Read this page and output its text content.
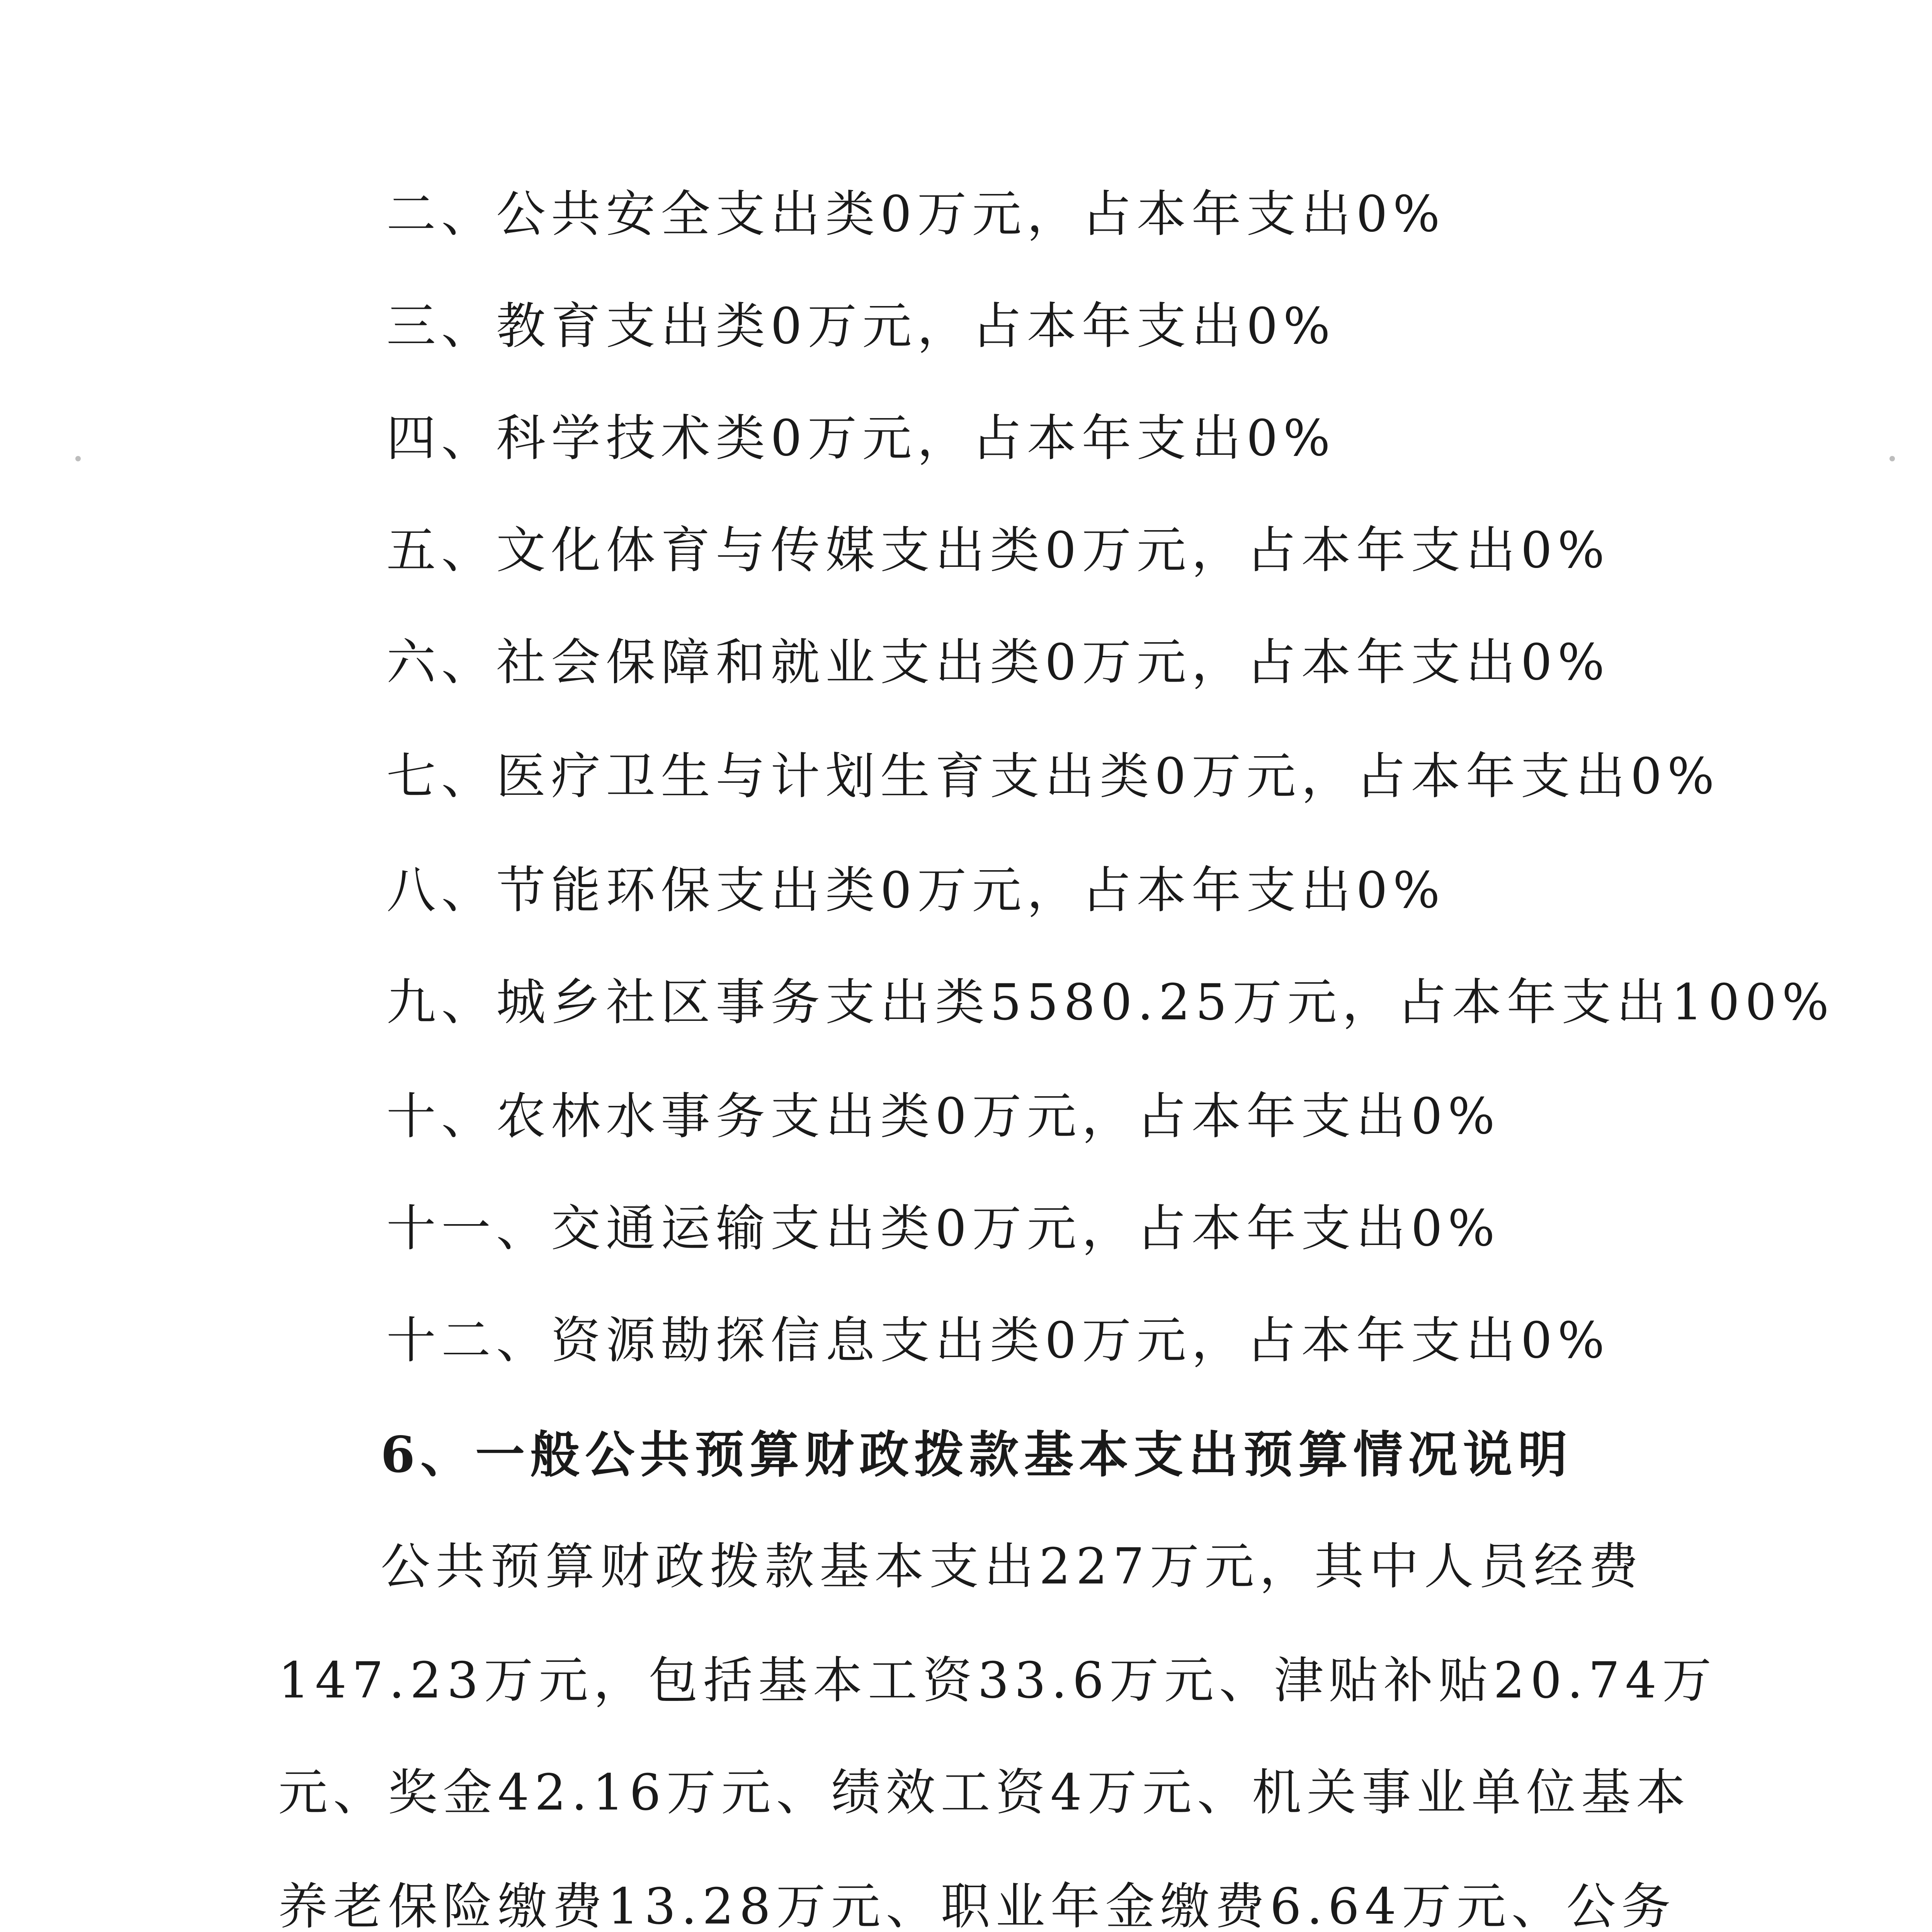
二、公共安全支出类0万元，占本年支出0%
三、教育支出类0万元，占本年支出0%
四、科学技术类0万元，占本年支出0%
五、文化体育与传媒支出类0万元，占本年支出0%
六、社会保障和就业支出类0万元，占本年支出0%
七、医疗卫生与计划生育支出类0万元，占本年支出0%
八、节能环保支出类0万元，占本年支出0%
九、城乡社区事务支出类5580.25万元，占本年支出100%
十、农林水事务支出类0万元，占本年支出0%
十一、交通运输支出类0万元，占本年支出0%
十二、资源勘探信息支出类0万元，占本年支出0%
6、一般公共预算财政拨款基本支出预算情况说明
公共预算财政拨款基本支出227万元，其中人员经费
147.23万元，包括基本工资33.6万元、津贴补贴20.74万
元、奖金42.16万元、绩效工资4万元、机关事业单位基本
养老保险缴费13.28万元、职业年金缴费6.64万元、公务
